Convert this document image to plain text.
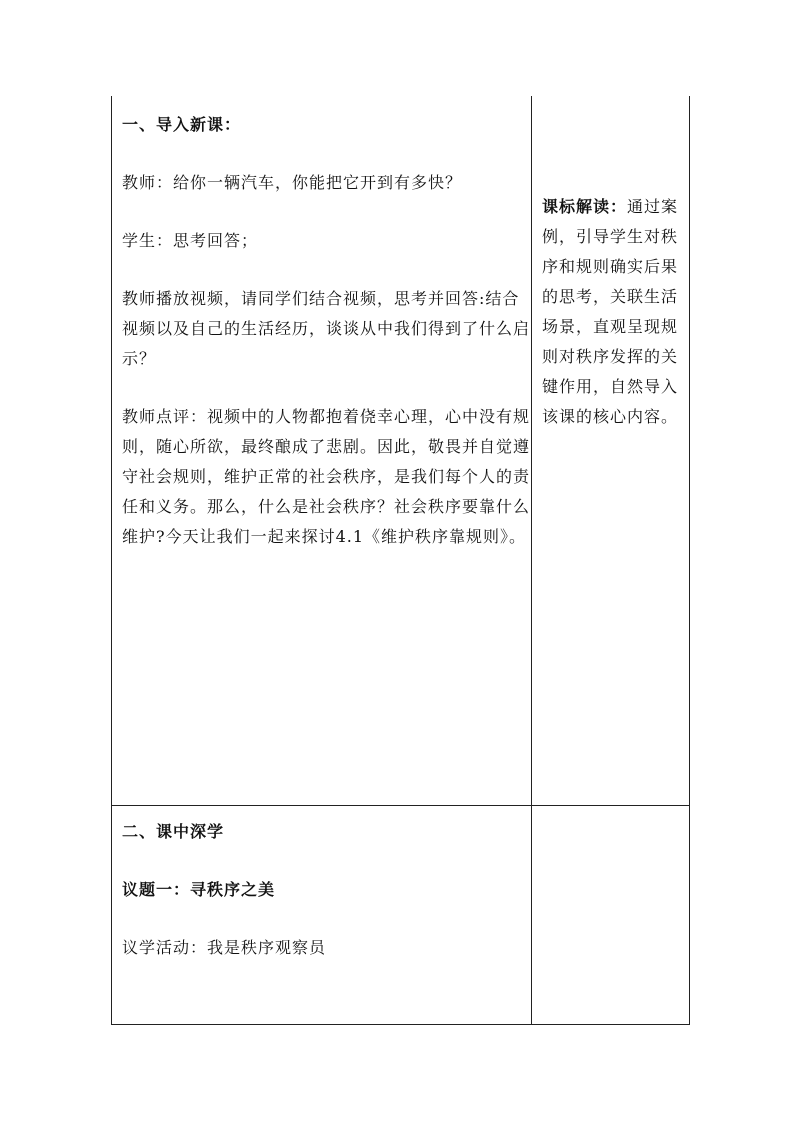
一、导入新课：

教师：给你一辆汽车，你能把它开到有多快？

学生：思考回答；

教师播放视频，请同学们结合视频，思考并回答:结合视频以及自己的生活经历，谈谈从中我们得到了什么启示？

教师点评：视频中的人物都抱着侥幸心理，心中没有规则，随心所欲，最终酿成了悲剧。因此，敬畏并自觉遵守社会规则，维护正常的社会秩序，是我们每个人的责任和义务。那么，什么是社会秩序？社会秩序要靠什么维护?今天让我们一起来探讨4.1《维护秩序靠规则》。

课标解读：通过案例，引导学生对秩序和规则确实后果的思考，关联生活场景，直观呈现规则对秩序发挥的关键作用，自然导入该课的核心内容。

二、课中深学

议题一：寻秩序之美

议学活动：我是秩序观察员
